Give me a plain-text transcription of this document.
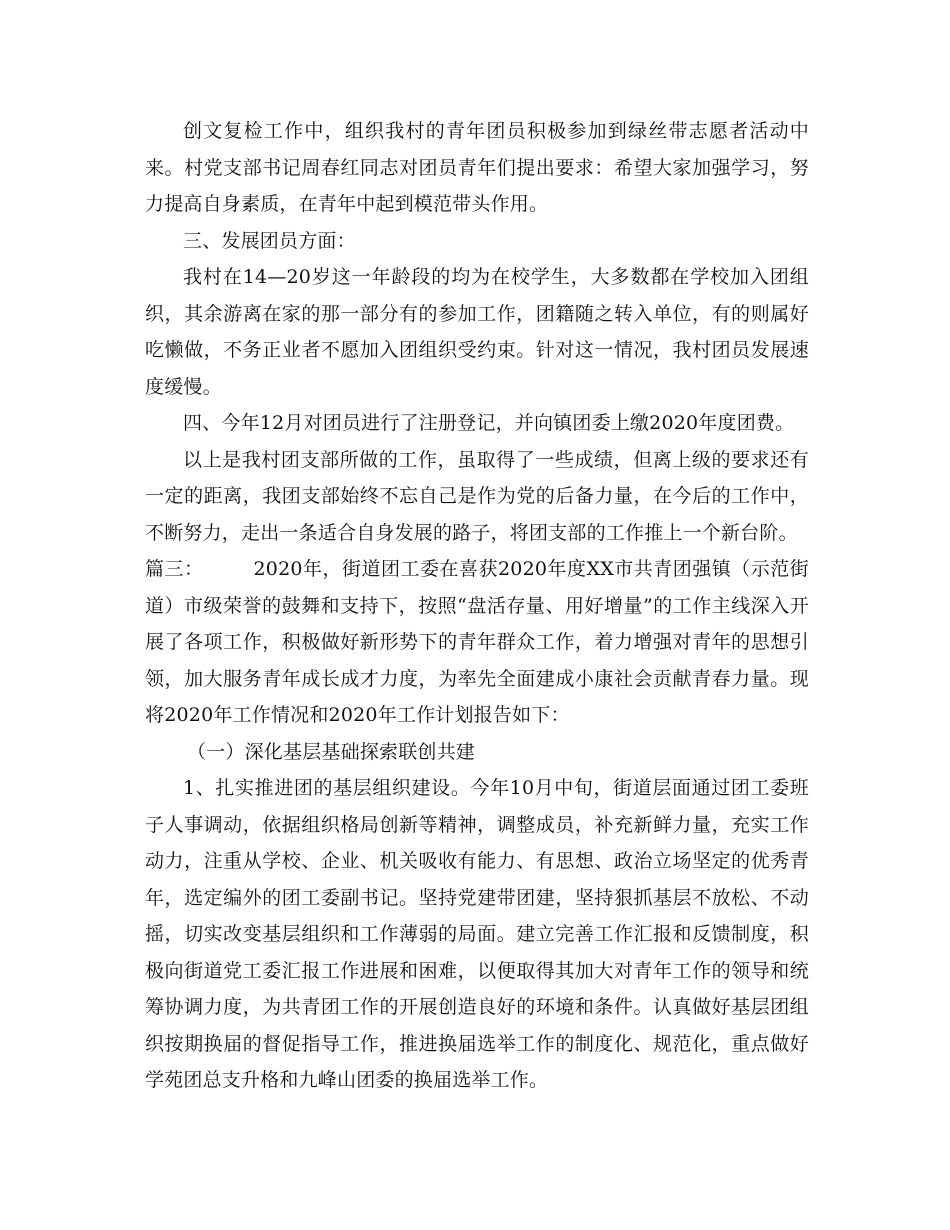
创文复检工作中，组织我村的青年团员积极参加到绿丝带志愿者活动中来。村党支部书记周春红同志对团员青年们提出要求：希望大家加强学习，努力提高自身素质，在青年中起到模范带头作用。

三、发展团员方面：

我村在14—20岁这一年龄段的均为在校学生，大多数都在学校加入团组织，其余游离在家的那一部分有的参加工作，团籍随之转入单位，有的则属好吃懒做，不务正业者不愿加入团组织受约束。针对这一情况，我村团员发展速度缓慢。

四、今年12月对团员进行了注册登记，并向镇团委上缴2020年度团费。

以上是我村团支部所做的工作，虽取得了一些成绩，但离上级的要求还有一定的距离，我团支部始终不忘自己是作为党的后备力量，在今后的工作中，不断努力，走出一条适合自身发展的路子，将团支部的工作推上一个新台阶。

篇三：	2020年，街道团工委在喜获2020年度XX市共青团强镇（示范街道）市级荣誉的鼓舞和支持下，按照“盘活存量、用好增量”的工作主线深入开展了各项工作，积极做好新形势下的青年群众工作，着力增强对青年的思想引领，加大服务青年成长成才力度，为率先全面建成小康社会贡献青春力量。现将2020年工作情况和2020年工作计划报告如下：

（一）深化基层基础探索联创共建

1、扎实推进团的基层组织建设。今年10月中旬，街道层面通过团工委班子人事调动，依据组织格局创新等精神，调整成员，补充新鲜力量，充实工作动力，注重从学校、企业、机关吸收有能力、有思想、政治立场坚定的优秀青年，选定编外的团工委副书记。坚持党建带团建，坚持狠抓基层不放松、不动摇，切实改变基层组织和工作薄弱的局面。建立完善工作汇报和反馈制度，积极向街道党工委汇报工作进展和困难，以便取得其加大对青年工作的领导和统筹协调力度，为共青团工作的开展创造良好的环境和条件。认真做好基层团组织按期换届的督促指导工作，推进换届选举工作的制度化、规范化，重点做好学苑团总支升格和九峰山团委的换届选举工作。
